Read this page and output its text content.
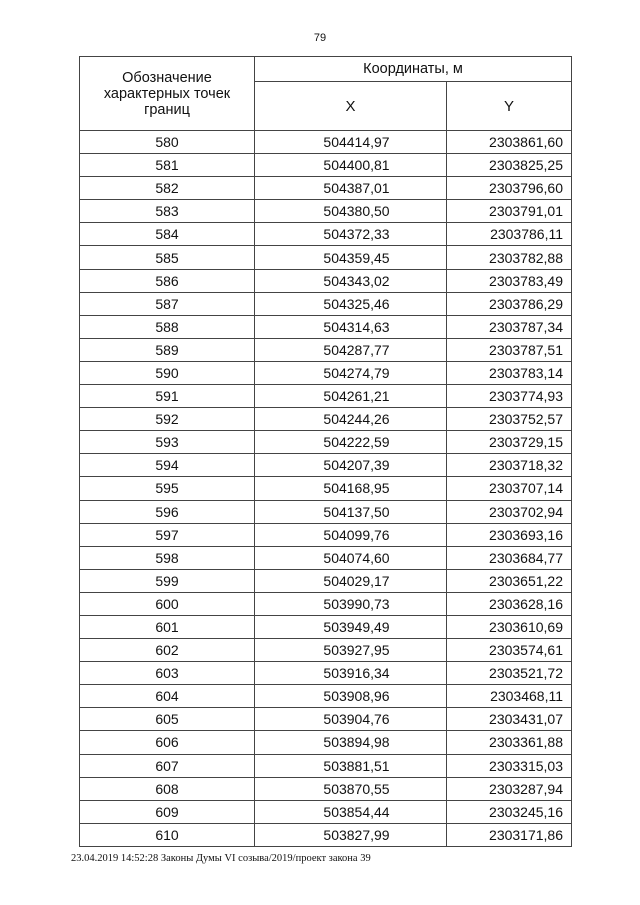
79
Обозначение характерных точек границ	Координаты, м	
	X	Y
580	504414,97	2303861,60
581	504400,81	2303825,25
582	504387,01	2303796,60
583	504380,50	2303791,01
584	504372,33	2303786,11
585	504359,45	2303782,88
586	504343,02	2303783,49
587	504325,46	2303786,29
588	504314,63	2303787,34
589	504287,77	2303787,51
590	504274,79	2303783,14
591	504261,21	2303774,93
592	504244,26	2303752,57
593	504222,59	2303729,15
594	504207,39	2303718,32
595	504168,95	2303707,14
596	504137,50	2303702,94
597	504099,76	2303693,16
598	504074,60	2303684,77
599	504029,17	2303651,22
600	503990,73	2303628,16
601	503949,49	2303610,69
602	503927,95	2303574,61
603	503916,34	2303521,72
604	503908,96	2303468,11
605	503904,76	2303431,07
606	503894,98	2303361,88
607	503881,51	2303315,03
608	503870,55	2303287,94
609	503854,44	2303245,16
610	503827,99	2303171,86
23.04.2019 14:52:28 Законы Думы VI созыва/2019/проект закона 39
